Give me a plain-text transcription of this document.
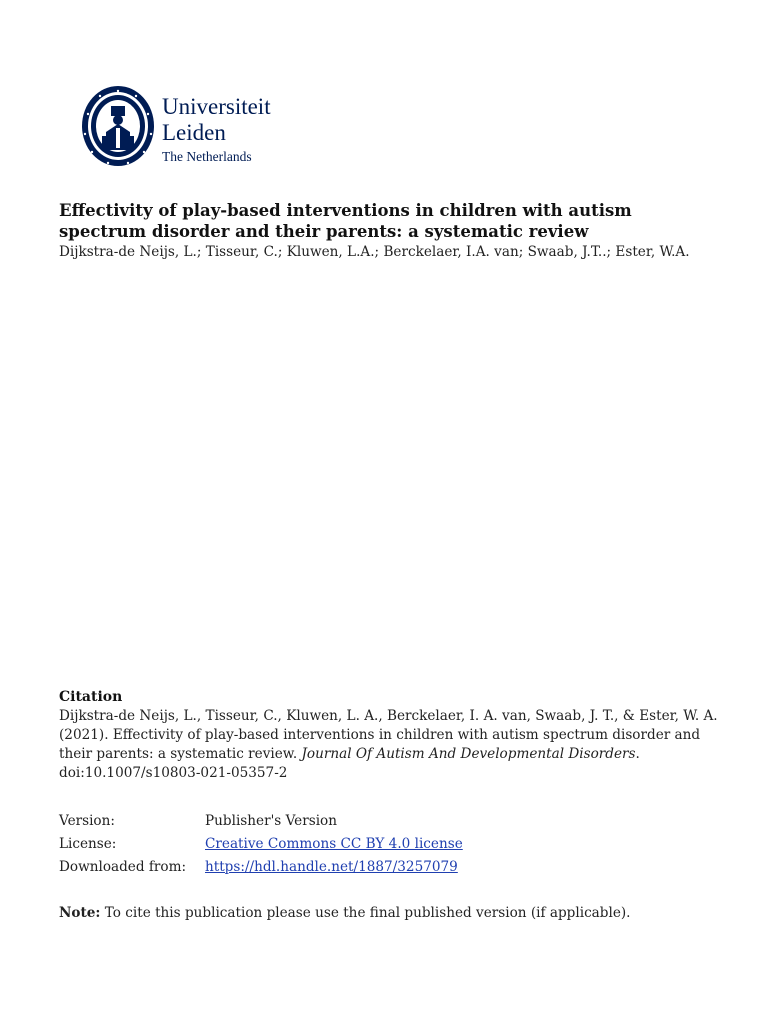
Universiteit
Leiden
The Netherlands
Effectivity of play-based interventions in children with autism spectrum disorder and their parents: a systematic review

Dijkstra-de Neijs, L.; Tisseur, C.; Kluwen, L.A.; Berckelaer, I.A. van; Swaab, J.T..; Ester, W.A.

Citation

Dijkstra-de Neijs, L., Tisseur, C., Kluwen, L. A., Berckelaer, I. A. van, Swaab, J. T., & Ester, W. A. (2021). Effectivity of play-based interventions in children with autism spectrum disorder and their parents: a systematic review. Journal Of Autism And Developmental Disorders. doi:10.1007/s10803-021-05357-2

Version:	Publisher's Version
License:	Creative Commons CC BY 4.0 license
Downloaded from:	https://hdl.handle.net/1887/3257079
Note: To cite this publication please use the final published version (if applicable).
